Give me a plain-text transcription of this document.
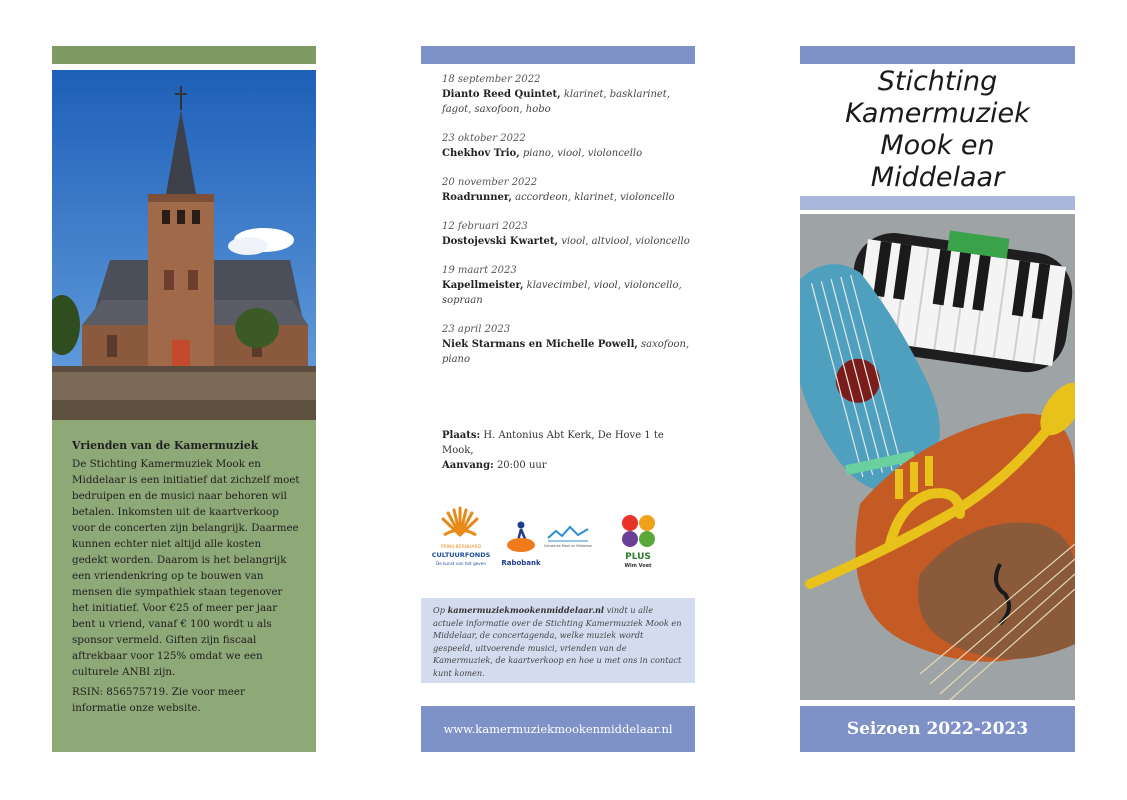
Vrienden van de Kamermuziek

De Stichting Kamermuziek Mook en Middelaar is een initiatief dat zichzelf moet bedruipen en de musici naar behoren wil betalen. Inkomsten uit de kaartverkoop voor de concerten zijn belangrijk. Daarmee kunnen echter niet altijd alle kosten gedekt worden. Daarom is het belangrijk een vriendenkring op te bouwen van mensen die sympathiek staan tegenover het initiatief. Voor €25 of meer per jaar bent u vriend, vanaf € 100 wordt u als sponsor vermeld. Giften zijn fiscaal aftrekbaar voor 125% omdat we een culturele ANBI zijn.

RSIN: 856575719. Zie voor meer informatie onze website.

18 september 2022
Dianto Reed Quintet, klarinet, basklarinet, fagot, saxofoon, hobo
23 oktober 2022
Chekhov Trio, piano, viool, violoncello
20 november 2022
Roadrunner, accordeon, klarinet, violoncello
12 februari 2023
Dostojevski Kwartet, viool, altviool, violoncello
19 maart 2023
Kapellmeister, klavecimbel, viool, violoncello, sopraan
23 april 2023
Niek Starmans en Michelle Powell, saxofoon, piano
Plaats: H. Antonius Abt Kerk, De Hove 1 te Mook,
Aanvang: 20:00 uur
PRINS BERNHARD
CULTUURFONDS
De kunst van het geven Rabobank
Gemeente Mook en Middelaar
PLUS
Wim Voet
Op kamermuziekmookenmiddelaar.nl vindt u alle actuele informatie over de Stichting Kamermuziek Mook en Middelaar, de concertagenda, welke muziek wordt gespeeld, uitvoerende musici, vrienden van de Kamermuziek, de kaartverkoop en hoe u met ons in contact kunt komen.
www.kamermuziekmookenmiddelaar.nl
Stichting
Kamermuziek
Mook en
Middelaar
Seizoen 2022-2023
